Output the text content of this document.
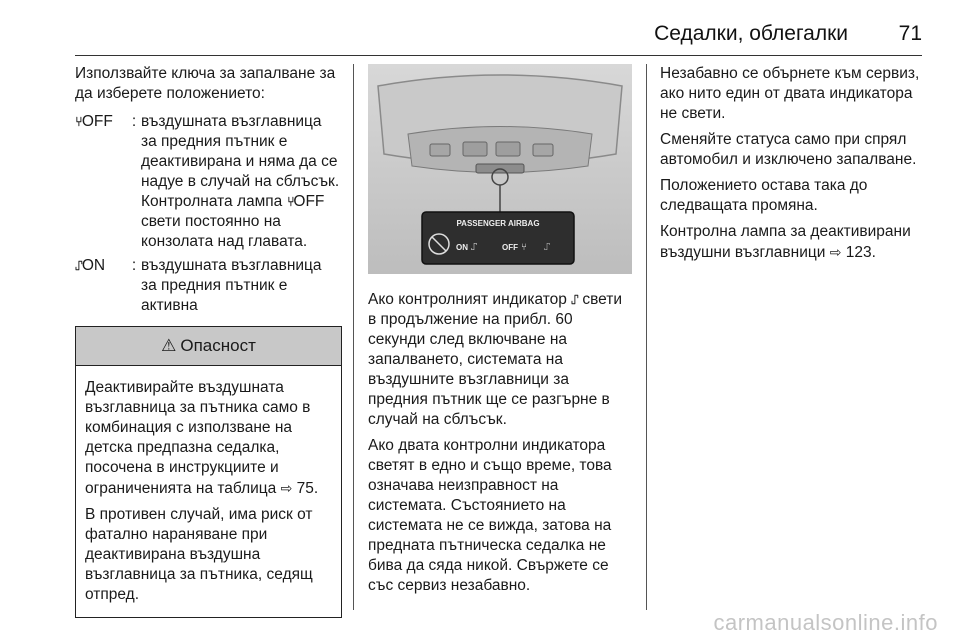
Седалки, облегалки 71

Използвайте ключа за запалване за да изберете положението:

⑂OFF	: въздушната възглавница за предния пътник е деактивирана и няма да се надуе в случай на сблъсък. Контролната лампа ⑂OFF свети постоянно на конзолата над главата.
⑀ON	: въздушната възглавница за предния пътник е активна
⚠ Опасност

Деактивирайте въздушната възглавница за пътника само в комбинация с използване на детска предпазна седалка, посочена в инструкциите и ограниченията на таблица ⇨ 75.

В противен случай, има риск от фатално нараняване при деактивирана въздушна възглавница за пътника, седящ отпред.

PASSENGER AIRBAG
ON ⑀	OFF ⑂ ⑀

Ако контролният индикатор ⑀ свети в продължение на прибл. 60 секунди след включване на запалването, системата на въздушните възглавници за предния пътник ще се разгърне в случай на сблъсък.

Ако двата контролни индикатора светят в едно и също време, това означава неизправност на системата. Състоянието на системата не се вижда, затова на предната пътническа седалка не бива да сяда никой. Свържете се със сервиз незабавно.

Незабавно се обърнете към сервиз, ако нито един от двата индикатора не свети.

Сменяйте статуса само при спрял автомобил и изключено запалване.

Положението остава така до следващата промяна.

Контролна лампа за деактивирани въздушни възглавници ⇨ 123.

carmanualsonline.info
